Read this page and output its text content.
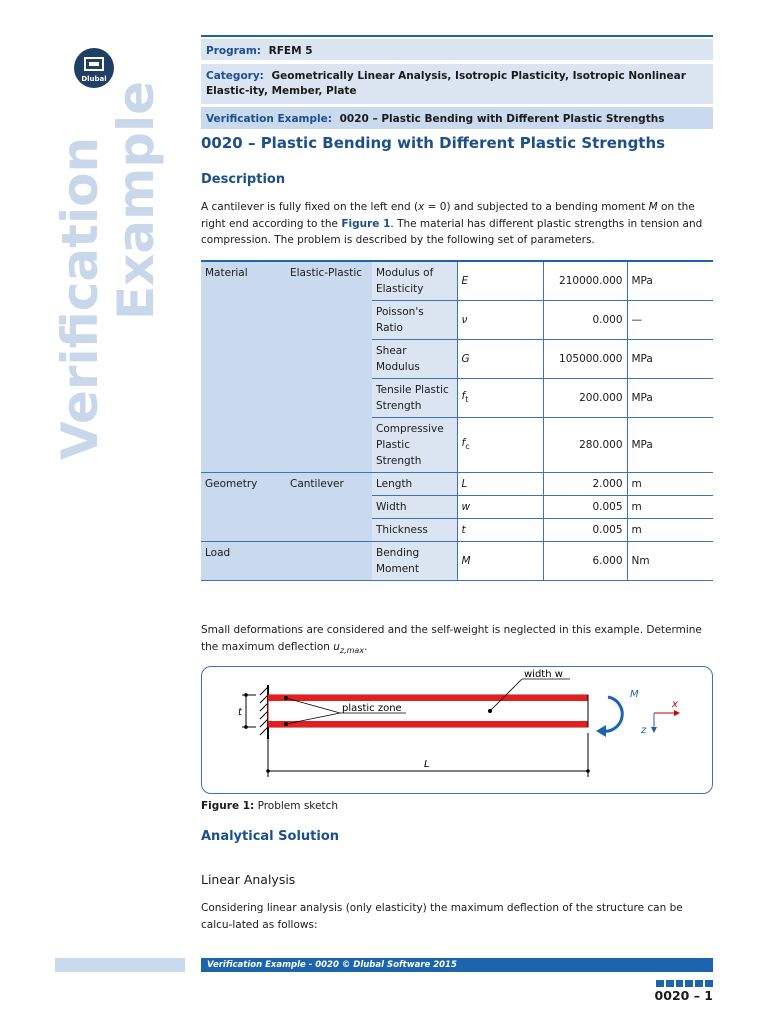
Dlubal
Verification
Example
Program: RFEM 5
Category: Geometrically Linear Analysis, Isotropic Plasticity, Isotropic Nonlinear Elastic-ity, Member, Plate
Verification Example: 0020 – Plastic Bending with Different Plastic Strengths
0020 – Plastic Bending with Different Plastic Strengths
Description
A cantilever is fully fixed on the left end (x = 0) and subjected to a bending moment M on the right end according to the Figure 1. The material has different plastic strengths in tension and compression. The problem is described by the following set of parameters.
Material	Elastic-Plastic	Modulus of Elasticity	E	210000.000	MPa
		Poisson's Ratio	ν	0.000	—
		Shear Modulus	G	105000.000	MPa
		Tensile Plastic Strength	$f_t$	200.000	MPa
		Compressive Plastic Strength	$f_c$	280.000	MPa
Geometry	Cantilever	Length	L	2.000	m
		Width	w	0.005	m
		Thickness	t	0.005	m
Load		Bending Moment	M	6.000	Nm
Small deformations are considered and the self-weight is neglected in this example. Determine the maximum deflection $u_{z,max}$.
t	plastic zone
width w
L
M
x
z
Figure 1: Problem sketch
Analytical Solution
Linear Analysis
Considering linear analysis (only elasticity) the maximum deflection of the structure can be calcu-lated as follows:
Verification Example - 0020 © Dlubal Software 2015
0020 – 1
